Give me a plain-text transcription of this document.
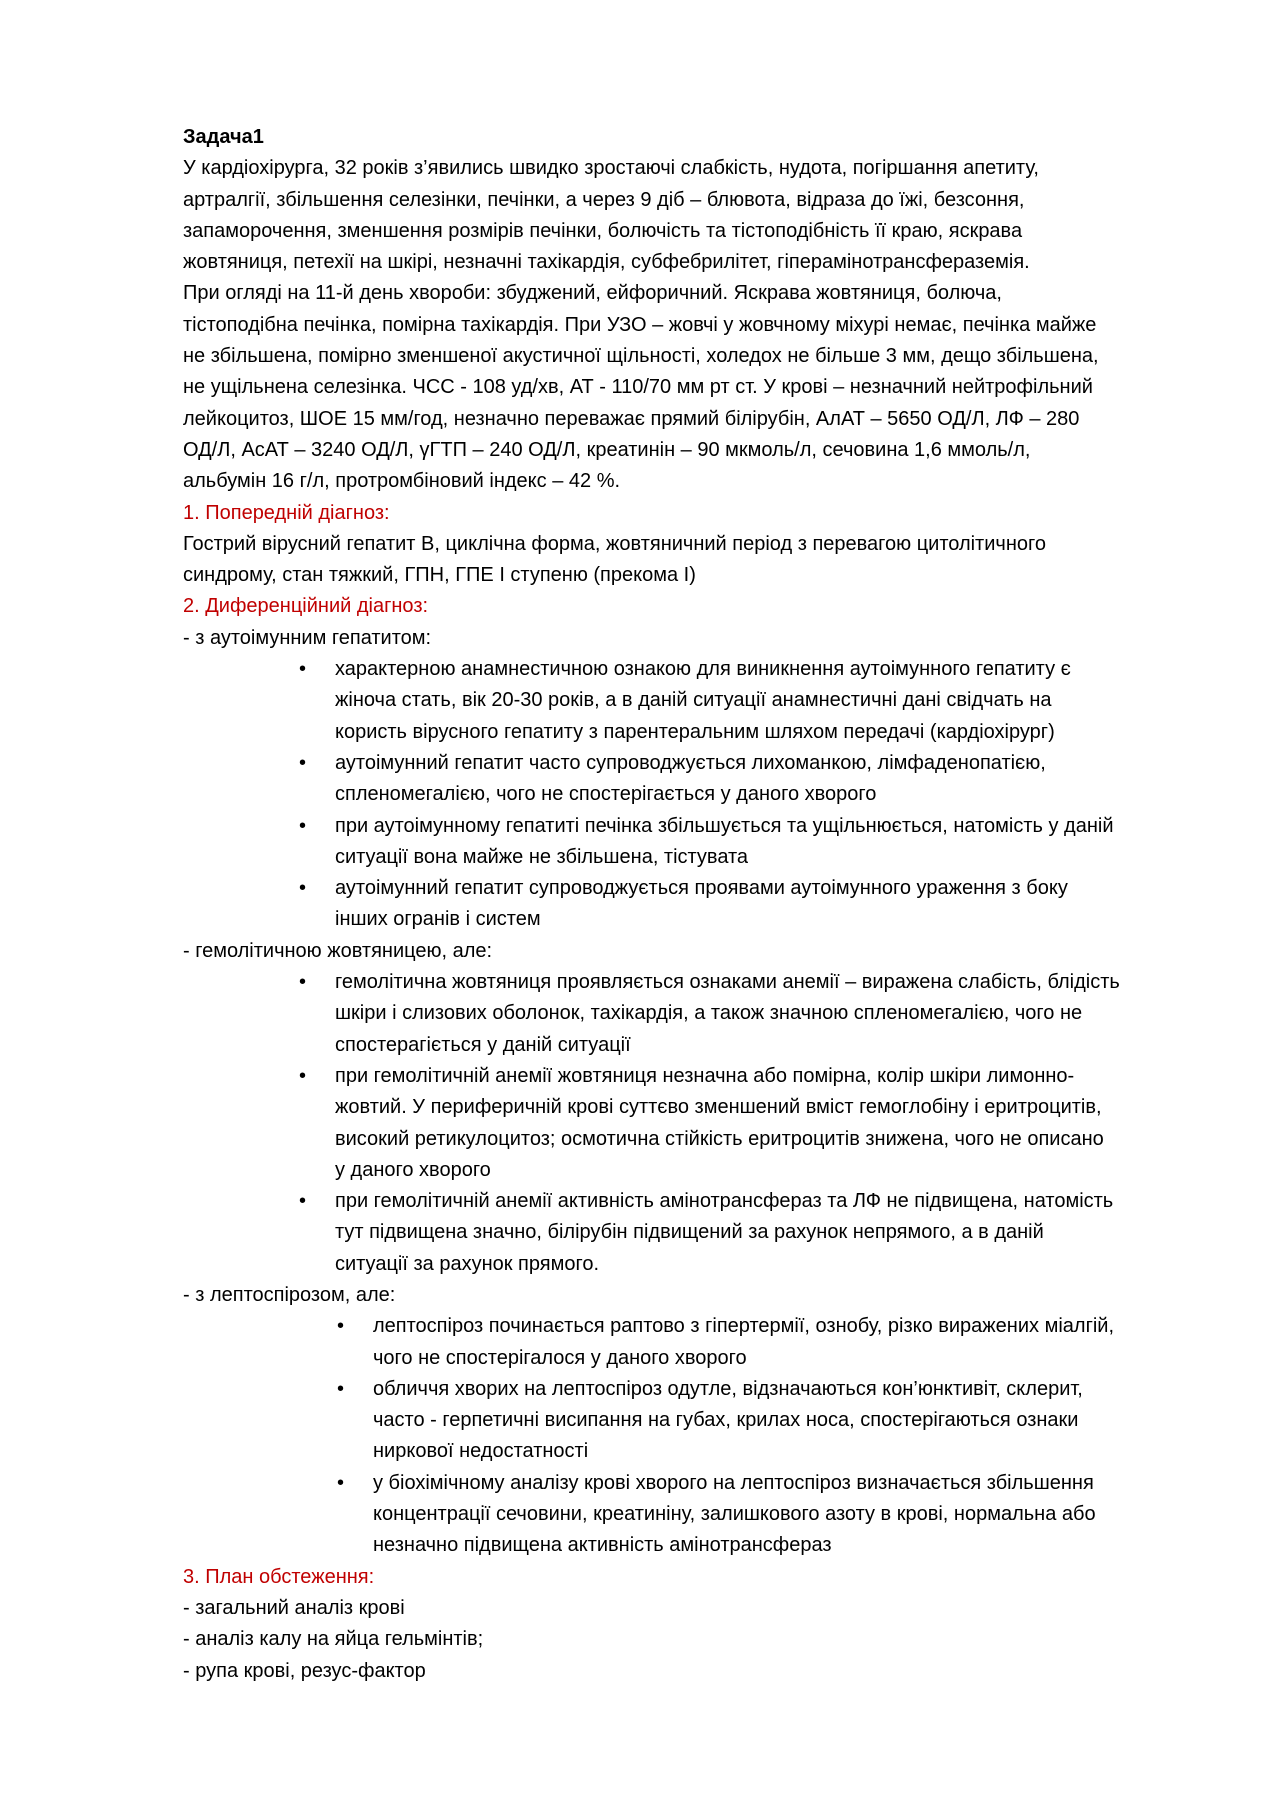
Задача1

У кардіохірурга, 32 років з’явились швидко зростаючі слабкість, нудота, погіршання апетиту,

артралгії, збільшення селезінки, печінки, а через 9 діб – блювота, відраза до їжі, безсоння,

запаморочення, зменшення розмірів печінки, болючість та тістоподібність її краю, яскрава

жовтяниця, петехії на шкірі, незначні тахікардія, субфебрилітет, гіперамінотрансфераземія.

При огляді на 11-й день хвороби: збуджений, ейфоричний. Яскрава жовтяниця, болюча,

тістоподібна печінка, помірна тахікардія. При УЗО – жовчі у жовчному міхурі немає, печінка майже

не збільшена, помірно зменшеної акустичної щільності, холедох не більше 3 мм, дещо збільшена,

не ущільнена селезінка. ЧСС - 108 уд/хв, АТ - 110/70 мм рт ст. У крові – незначний нейтрофільний

лейкоцитоз, ШОЕ 15 мм/год, незначно переважає прямий білірубін, АлАТ – 5650 ОД/Л, ЛФ – 280

ОД/Л, АсАТ – 3240 ОД/Л, γГТП – 240 ОД/Л, креатинін – 90 мкмоль/л, сечовина 1,6 ммоль/л,

альбумін 16 г/л, протромбіновий індекс – 42 %.

1. Попередній діагноз:

Гострий вірусний гепатит В, циклічна форма, жовтяничний період з перевагою цитолітичного

синдрому, стан тяжкий, ГПН, ГПЕ І ступеню (прекома І)

2. Диференційний діагноз:

- з аутоімунним гепатитом:

• характерною анамнестичною ознакою для виникнення аутоімунного гепатиту є

жіноча стать, вік 20-30 років, а в даній ситуації анамнестичні дані свідчать на

користь вірусного гепатиту з парентеральним шляхом передачі (кардіохірург)

• аутоімунний гепатит часто супроводжується лихоманкою, лімфаденопатією,

спленомегалією, чого не спостерігається у даного хворого

• при аутоімунному гепатиті печінка збільшується та ущільнюється, натомість у даній

ситуації вона майже не збільшена, тістувата

• аутоімунний гепатит супроводжується проявами аутоімунного ураження з боку

інших огранів і систем

- гемолітичною жовтяницею, але:

• гемолітична жовтяниця проявляється ознаками анемії – виражена слабість, блідість

шкіри і слизових оболонок, тахікардія, а також значною спленомегалією, чого не

спостерагіється у даній ситуації

• при гемолітичній анемії жовтяниця незначна або помірна, колір шкіри лимонно-

жовтий. У периферичній крові суттєво зменшений вміст гемоглобіну і еритроцитів,

високий ретикулоцитоз; осмотична стійкість еритроцитів знижена, чого не описано

у даного хворого

• при гемолітичній анемії активність амінотрансфераз та ЛФ не підвищена, натомість

тут підвищена значно, білірубін підвищений за рахунок непрямого, а в даній

ситуації за рахунок прямого.

- з лептоспірозом, але:

• лептоспіроз починається раптово з гіпертермії, ознобу, різко виражених міалгій,

чого не спостерігалося у даного хворого

• обличчя хворих на лептоспіроз одутле, відзначаються кон’юнктивіт, склерит,

часто - герпетичні висипання на губах, крилах носа, спостерігаються ознаки

ниркової недостатності

• у біохімічному аналізу крові хворого на лептоспіроз визначається збільшення

концентрації сечовини, креатиніну, залишкового азоту в крові, нормальна або

незначно підвищена активність амінотрансфераз

3. План обстеження:

- загальний аналіз крові

- аналіз калу на яйца гельмінтів;

- рупа крові, резус-фактор
